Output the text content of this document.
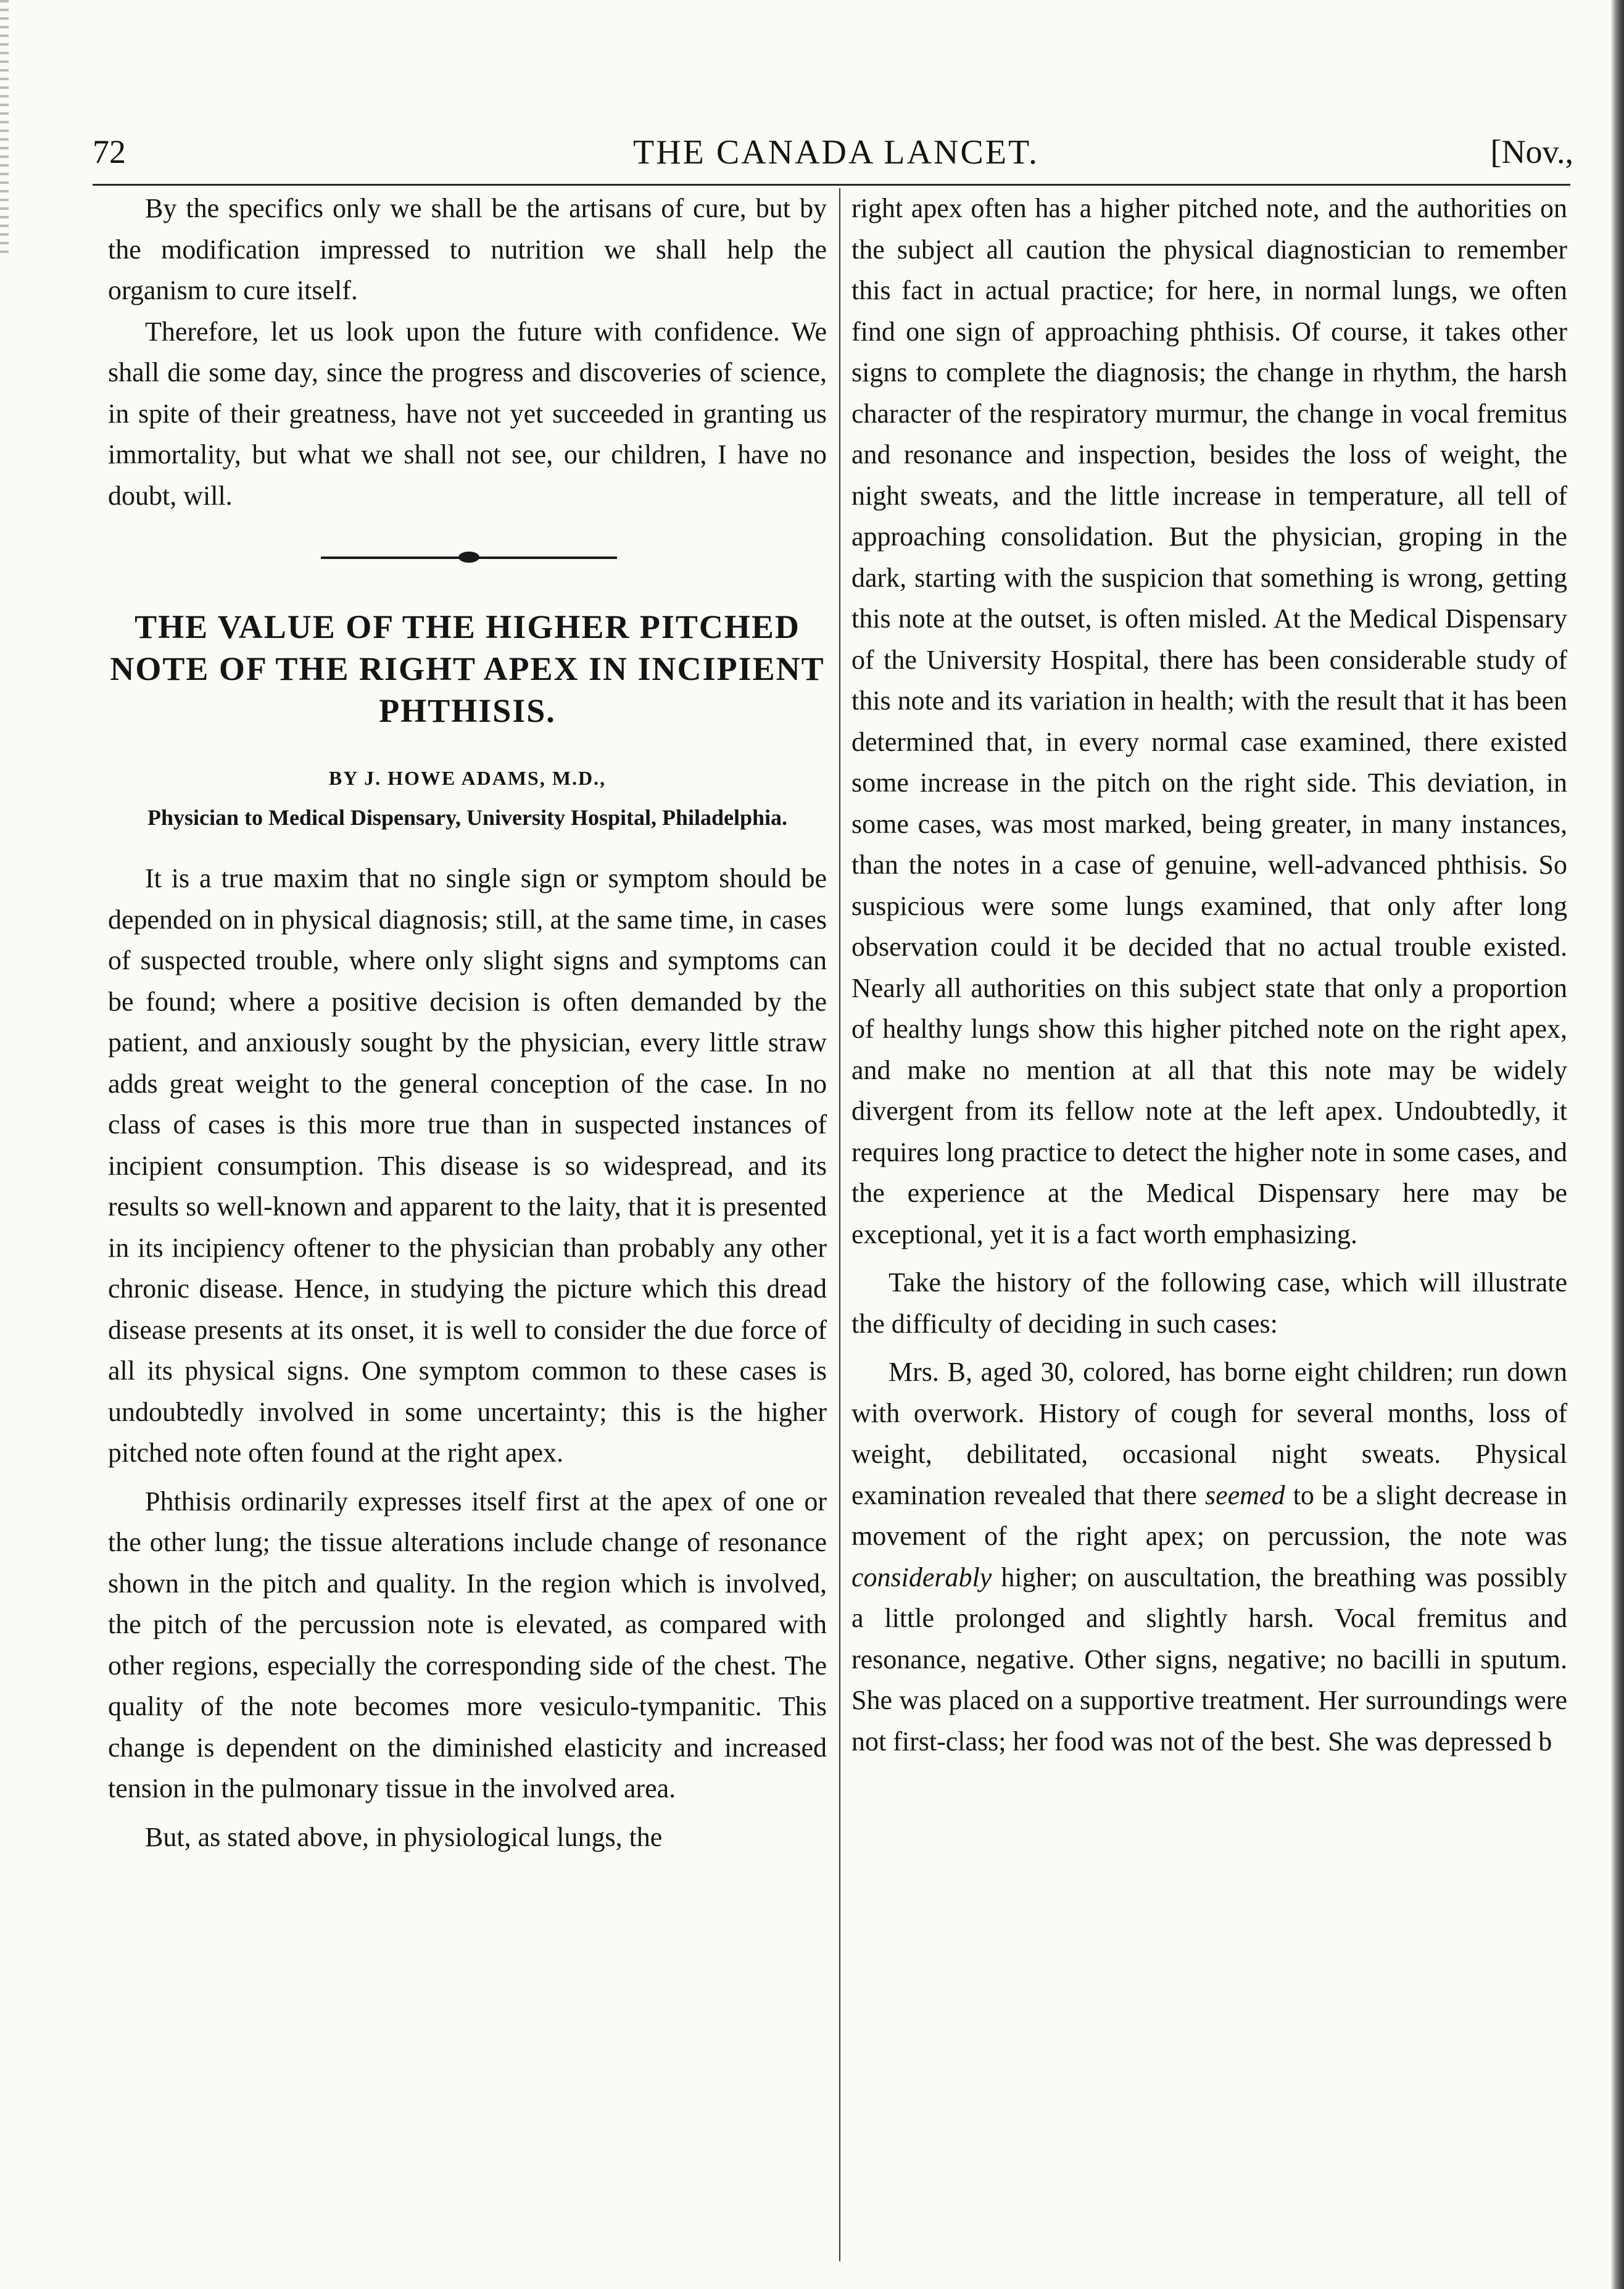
72	THE CANADA LANCET.	[Nov.,

By the specifics only we shall be the artisans of cure, but by the modification impressed to nutrition we shall help the organism to cure itself.

Therefore, let us look upon the future with confidence. We shall die some day, since the progress and discoveries of science, in spite of their greatness, have not yet succeeded in granting us immortality, but what we shall not see, our children, I have no doubt, will.

THE VALUE OF THE HIGHER PITCHED NOTE OF THE RIGHT APEX IN INCIPIENT PHTHISIS.
BY J. HOWE ADAMS, M.D.,
Physician to Medical Dispensary, University Hospital, Philadelphia.

It is a true maxim that no single sign or symptom should be depended on in physical diagnosis; still, at the same time, in cases of suspected trouble, where only slight signs and symptoms can be found; where a positive decision is often demanded by the patient, and anxiously sought by the physician, every little straw adds great weight to the general conception of the case. In no class of cases is this more true than in suspected instances of incipient consumption. This disease is so widespread, and its results so well-known and apparent to the laity, that it is presented in its incipiency oftener to the physician than probably any other chronic disease. Hence, in studying the picture which this dread disease presents at its onset, it is well to consider the due force of all its physical signs. One symptom common to these cases is undoubtedly involved in some uncertainty; this is the higher pitched note often found at the right apex.

Phthisis ordinarily expresses itself first at the apex of one or the other lung; the tissue alterations include change of resonance shown in the pitch and quality. In the region which is involved, the pitch of the percussion note is elevated, as compared with other regions, especially the corresponding side of the chest. The quality of the note becomes more vesiculo-tympanitic. This change is dependent on the diminished elasticity and increased tension in the pulmonary tissue in the involved area.

But, as stated above, in physiological lungs, the

right apex often has a higher pitched note, and the authorities on the subject all caution the physical diagnostician to remember this fact in actual practice; for here, in normal lungs, we often find one sign of approaching phthisis. Of course, it takes other signs to complete the diagnosis; the change in rhythm, the harsh character of the respiratory murmur, the change in vocal fremitus and resonance and inspection, besides the loss of weight, the night sweats, and the little increase in temperature, all tell of approaching consolidation. But the physician, groping in the dark, starting with the suspicion that something is wrong, getting this note at the outset, is often misled. At the Medical Dispensary of the University Hospital, there has been considerable study of this note and its variation in health; with the result that it has been determined that, in every normal case examined, there existed some increase in the pitch on the right side. This deviation, in some cases, was most marked, being greater, in many instances, than the notes in a case of genuine, well-advanced phthisis. So suspicious were some lungs examined, that only after long observation could it be decided that no actual trouble existed. Nearly all authorities on this subject state that only a proportion of healthy lungs show this higher pitched note on the right apex, and make no mention at all that this note may be widely divergent from its fellow note at the left apex. Undoubtedly, it requires long practice to detect the higher note in some cases, and the experience at the Medical Dispensary here may be exceptional, yet it is a fact worth emphasizing.

Take the history of the following case, which will illustrate the difficulty of deciding in such cases:

Mrs. B, aged 30, colored, has borne eight children; run down with overwork. History of cough for several months, loss of weight, debilitated, occasional night sweats. Physical examination revealed that there seemed to be a slight decrease in movement of the right apex; on percussion, the note was considerably higher; on auscultation, the breathing was possibly a little prolonged and slightly harsh. Vocal fremitus and resonance, negative. Other signs, negative; no bacilli in sputum. She was placed on a supportive treatment. Her surroundings were not first-class; her food was not of the best. She was depressed b
